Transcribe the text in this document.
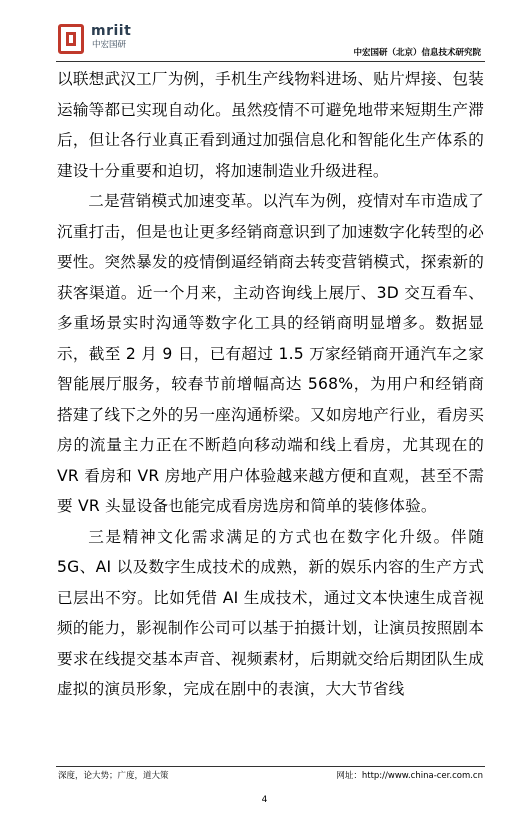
mriit
中宏国研
中宏国研（北京）信息技术研究院

以联想武汉工厂为例，手机生产线物料进场、贴片焊接、包装运输等都已实现自动化。虽然疫情不可避免地带来短期生产滞后，但让各行业真正看到通过加强信息化和智能化生产体系的建设十分重要和迫切，将加速制造业升级进程。

二是营销模式加速变革。以汽车为例，疫情对车市造成了沉重打击，但是也让更多经销商意识到了加速数字化转型的必要性。突然暴发的疫情倒逼经销商去转变营销模式，探索新的获客渠道。近一个月来，主动咨询线上展厅、3D 交互看车、多重场景实时沟通等数字化工具的经销商明显增多。数据显示，截至 2 月 9 日，已有超过 1.5 万家经销商开通汽车之家智能展厅服务，较春节前增幅高达 568%，为用户和经销商搭建了线下之外的另一座沟通桥梁。又如房地产行业，看房买房的流量主力正在不断趋向移动端和线上看房，尤其现在的 VR 看房和 VR 房地产用户体验越来越方便和直观，甚至不需要 VR 头显设备也能完成看房选房和简单的装修体验。

三是精神文化需求满足的方式也在数字化升级。伴随 5G、AI 以及数字生成技术的成熟，新的娱乐内容的生产方式已层出不穷。比如凭借 AI 生成技术，通过文本快速生成音视频的能力，影视制作公司可以基于拍摄计划，让演员按照剧本要求在线提交基本声音、视频素材，后期就交给后期团队生成虚拟的演员形象，完成在剧中的表演，大大节省线

深度，论大势；广度，道大策	网址：http://www.china-cer.com.cn
4
